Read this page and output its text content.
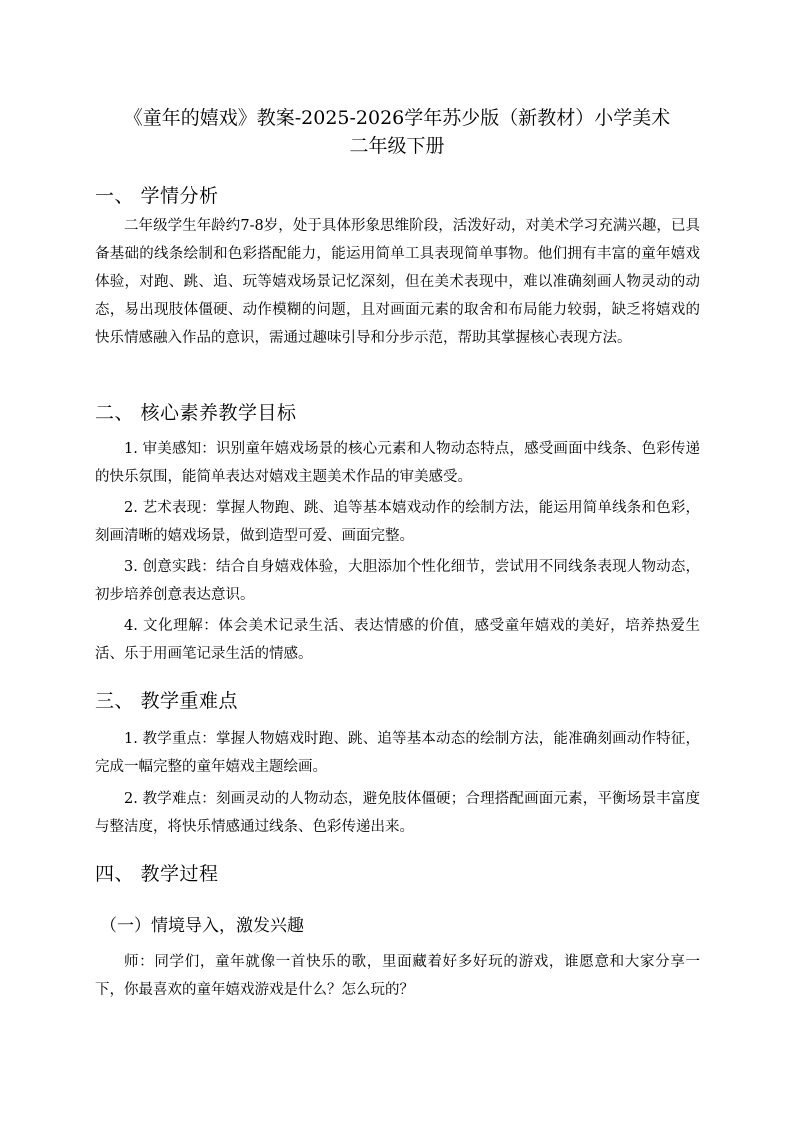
《童年的嬉戏》教案-2025-2026学年苏少版（新教材）小学美术
二年级下册
一、 学情分析

二年级学生年龄约7-8岁，处于具体形象思维阶段，活泼好动，对美术学习充满兴趣，已具备基础的线条绘制和色彩搭配能力，能运用简单工具表现简单事物。他们拥有丰富的童年嬉戏体验，对跑、跳、追、玩等嬉戏场景记忆深刻，但在美术表现中，难以准确刻画人物灵动的动态，易出现肢体僵硬、动作模糊的问题，且对画面元素的取舍和布局能力较弱，缺乏将嬉戏的快乐情感融入作品的意识，需通过趣味引导和分步示范，帮助其掌握核心表现方法。

二、 核心素养教学目标

1. 审美感知：识别童年嬉戏场景的核心元素和人物动态特点，感受画面中线条、色彩传递的快乐氛围，能简单表达对嬉戏主题美术作品的审美感受。

2. 艺术表现：掌握人物跑、跳、追等基本嬉戏动作的绘制方法，能运用简单线条和色彩，刻画清晰的嬉戏场景，做到造型可爱、画面完整。

3. 创意实践：结合自身嬉戏体验，大胆添加个性化细节，尝试用不同线条表现人物动态，初步培养创意表达意识。

4. 文化理解：体会美术记录生活、表达情感的价值，感受童年嬉戏的美好，培养热爱生活、乐于用画笔记录生活的情感。

三、 教学重难点

1. 教学重点：掌握人物嬉戏时跑、跳、追等基本动态的绘制方法，能准确刻画动作特征，完成一幅完整的童年嬉戏主题绘画。

2. 教学难点：刻画灵动的人物动态，避免肢体僵硬；合理搭配画面元素，平衡场景丰富度与整洁度，将快乐情感通过线条、色彩传递出来。

四、 教学过程
（一）情境导入，激发兴趣

师：同学们，童年就像一首快乐的歌，里面藏着好多好玩的游戏，谁愿意和大家分享一下，你最喜欢的童年嬉戏游戏是什么？怎么玩的？
